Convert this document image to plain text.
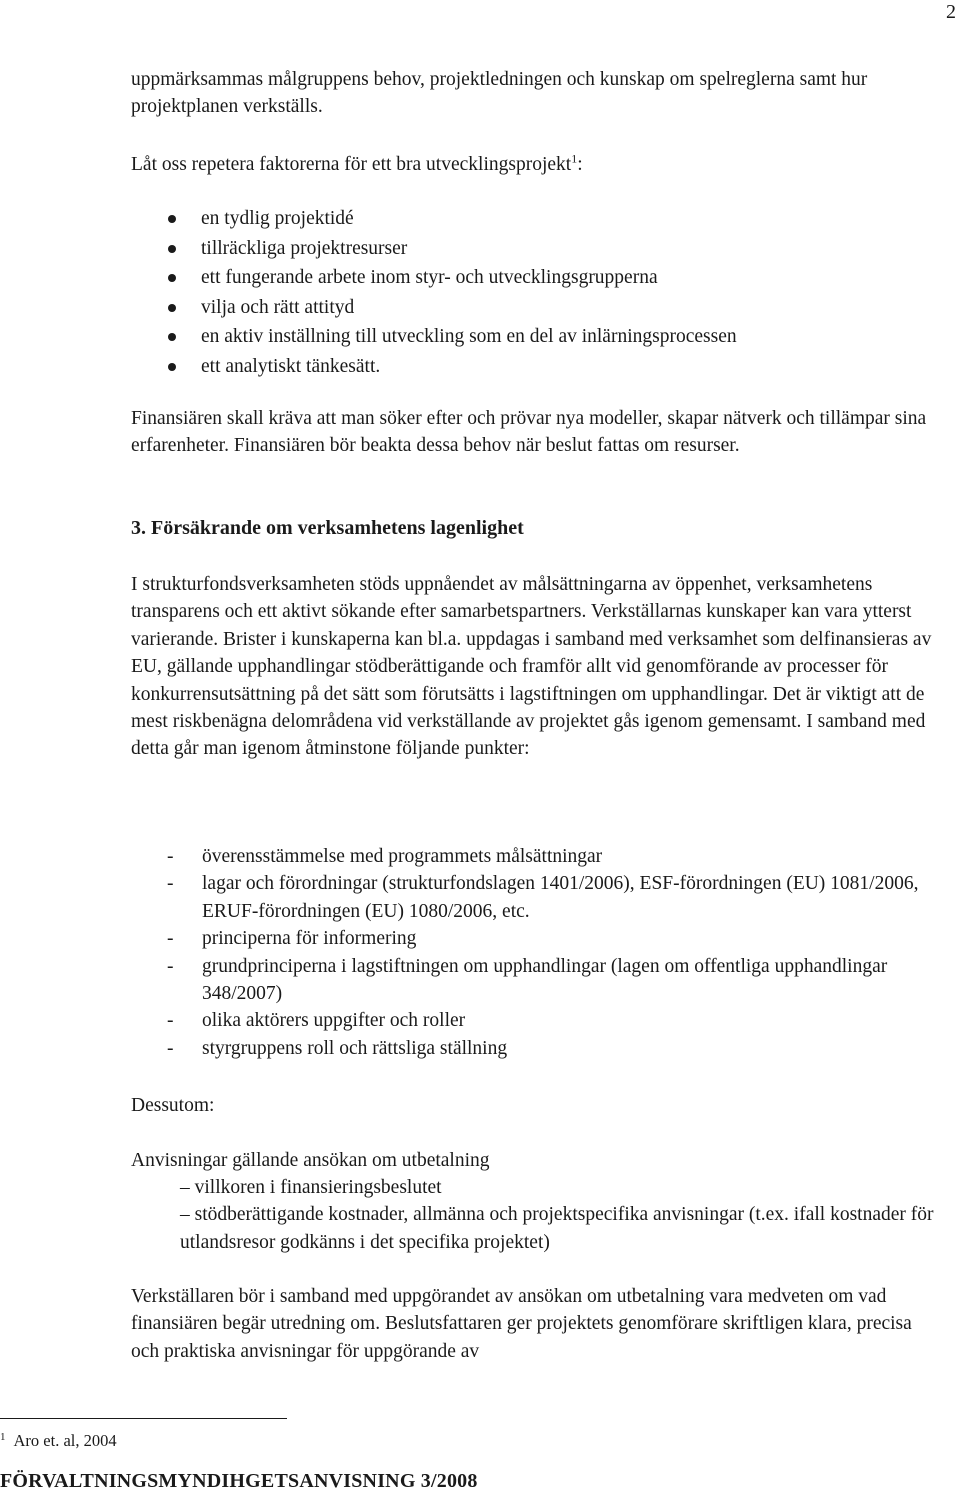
2

uppmärksammas målgruppens behov, projektledningen och kunskap om spelreglerna samt hur projektplanen verkställs.

Låt oss repetera faktorerna för ett bra utvecklingsprojekt$^1$:

en tydlig projektidé
tillräckliga projektresurser
ett fungerande arbete inom styr- och utvecklingsgrupperna
vilja och rätt attityd
en aktiv inställning till utveckling som en del av inlärningsprocessen
ett analytiskt tänkesätt.

Finansiären skall kräva att man söker efter och prövar nya modeller, skapar nätverk och tillämpar sina erfarenheter. Finansiären bör beakta dessa behov när beslut fattas om resurser.

3. Försäkrande om verksamhetens lagenlighet

I strukturfondsverksamheten stöds uppnåendet av målsättningarna av öppenhet, verksamhetens transparens och ett aktivt sökande efter samarbetspartners. Verkställarnas kunskaper kan vara ytterst varierande. Brister i kunskaperna kan bl.a. uppdagas i samband med verksamhet som delfinansieras av EU, gällande upphandlingar stödberättigande och framför allt vid genomförande av processer för konkurrensutsättning på det sätt som förutsätts i lagstiftningen om upphandlingar. Det är viktigt att de mest riskbenägna delområdena vid verkställande av projektet gås igenom gemensamt. I samband med detta går man igenom åtminstone följande punkter:

- överensstämmelse med programmets målsättningar
- lagar och förordningar (strukturfondslagen 1401/2006), ESF-förordningen (EU) 1081/2006, ERUF-förordningen (EU) 1080/2006, etc.
- principerna för informering
- grundprinciperna i lagstiftningen om upphandlingar (lagen om offentliga upphandlingar 348/2007)
- olika aktörers uppgifter och roller
- styrgruppens roll och rättsliga ställning

Dessutom:

Anvisningar gällande ansökan om utbetalning

– villkoren i finansieringsbeslutet
– stödberättigande kostnader, allmänna och projektspecifika anvisningar (t.ex. ifall kostnader för utlandsresor godkänns i det specifika projektet)

Verkställaren bör i samband med uppgörandet av ansökan om utbetalning vara medveten om vad finansiären begär utredning om. Beslutsfattaren ger projektets genomförare skriftligen klara, precisa och praktiska anvisningar för uppgörande av

$^1$ Aro et. al, 2004
FÖRVALTNINGSMYNDIHGETSANVISNING 3/2008
